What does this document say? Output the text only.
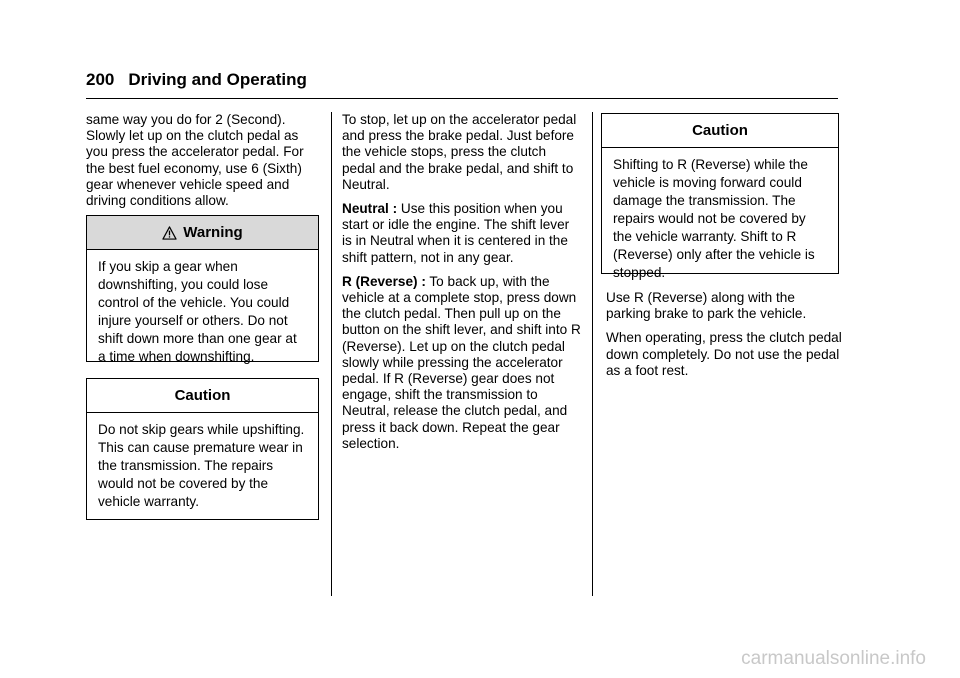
200 Driving and Operating

same way you do for 2 (Second). Slowly let up on the clutch pedal as you press the accelerator pedal. For the best fuel economy, use 6 (Sixth) gear whenever vehicle speed and driving conditions allow.

Warning
If you skip a gear when downshifting, you could lose control of the vehicle. You could injure yourself or others. Do not shift down more than one gear at a time when downshifting.
Caution
Do not skip gears while upshifting. This can cause premature wear in the transmission. The repairs would not be covered by the vehicle warranty.

To stop, let up on the accelerator pedal and press the brake pedal. Just before the vehicle stops, press the clutch pedal and the brake pedal, and shift to Neutral.

Neutral : Use this position when you start or idle the engine. The shift lever is in Neutral when it is centered in the shift pattern, not in any gear.

R (Reverse) : To back up, with the vehicle at a complete stop, press down the clutch pedal. Then pull up on the button on the shift lever, and shift into R (Reverse). Let up on the clutch pedal slowly while pressing the accelerator pedal. If R (Reverse) gear does not engage, shift the transmission to Neutral, release the clutch pedal, and press it back down. Repeat the gear selection.

Caution
Shifting to R (Reverse) while the vehicle is moving forward could damage the transmission. The repairs would not be covered by the vehicle warranty. Shift to R (Reverse) only after the vehicle is stopped.

Use R (Reverse) along with the parking brake to park the vehicle.

When operating, press the clutch pedal down completely. Do not use the pedal as a foot rest.

carmanualsonline.info
